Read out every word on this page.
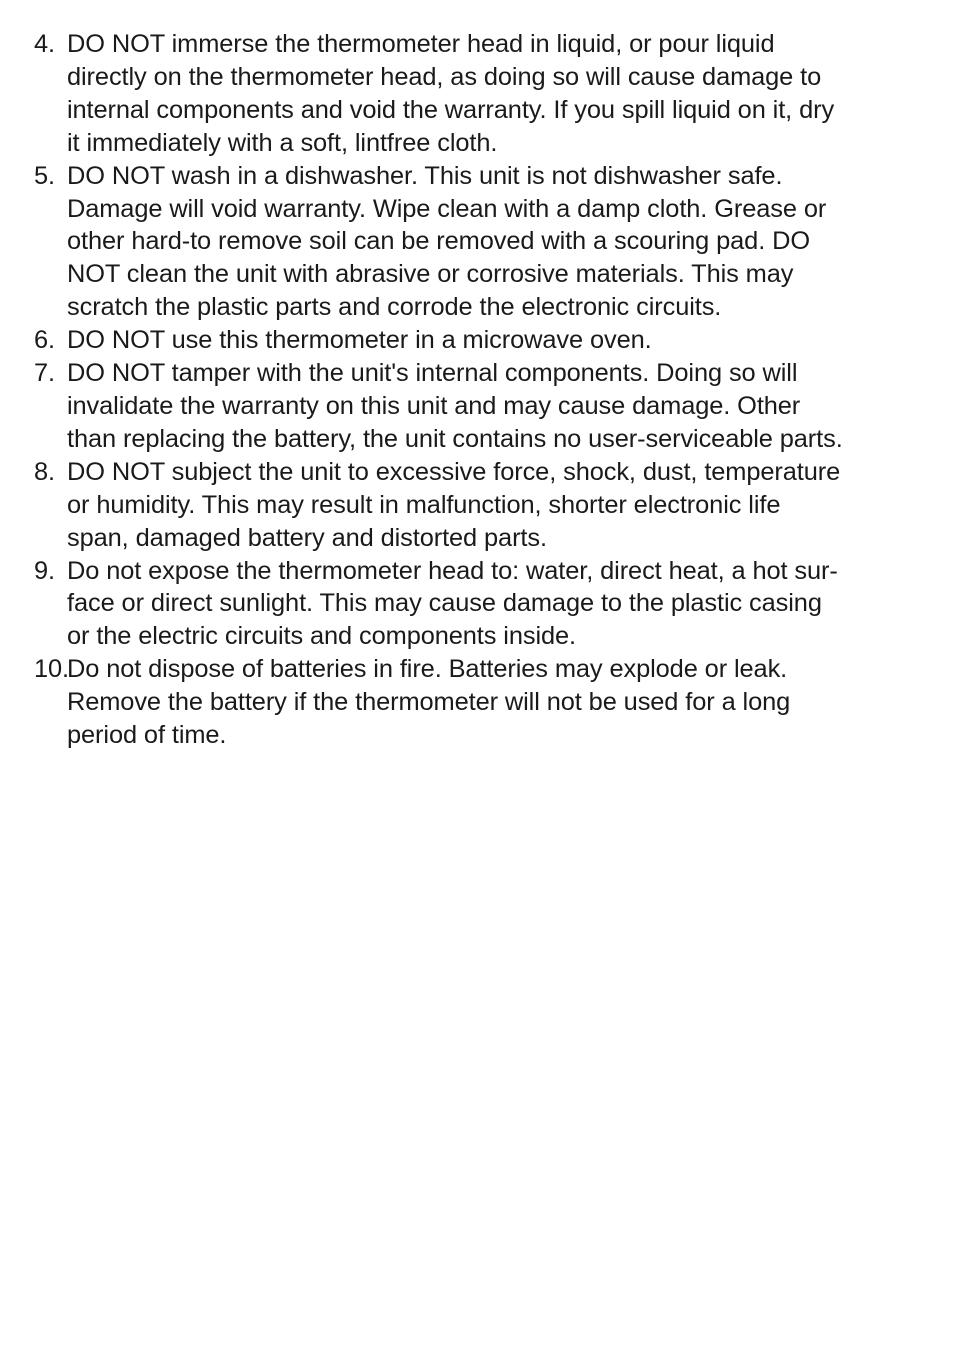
4. DO NOT immerse the thermometer head in liquid, or pour liquid
directly on the thermometer head, as doing so will cause damage to
internal components and void the warranty. If you spill liquid on it, dry
it immediately with a soft, lintfree cloth.
5. DO NOT wash in a dishwasher. This unit is not dishwasher safe.
Damage will void warranty. Wipe clean with a damp cloth. Grease or
other hard-to remove soil can be removed with a scouring pad. DO
NOT clean the unit with abrasive or corrosive materials. This may
scratch the plastic parts and corrode the electronic circuits.
6. DO NOT use this thermometer in a microwave oven.
7. DO NOT tamper with the unit's internal components. Doing so will
invalidate the warranty on this unit and may cause damage. Other
than replacing the battery, the unit contains no user-serviceable parts.
8. DO NOT subject the unit to excessive force, shock, dust, temperature
or humidity. This may result in malfunction, shorter electronic life
span, damaged battery and distorted parts.
9. Do not expose the thermometer head to: water, direct heat, a hot sur-
face or direct sunlight. This may cause damage to the plastic casing
or the electric circuits and components inside.
10.
Do not dispose of batteries in fire. Batteries may explode or leak.
Remove the battery if the thermometer will not be used for a long
period of time.
